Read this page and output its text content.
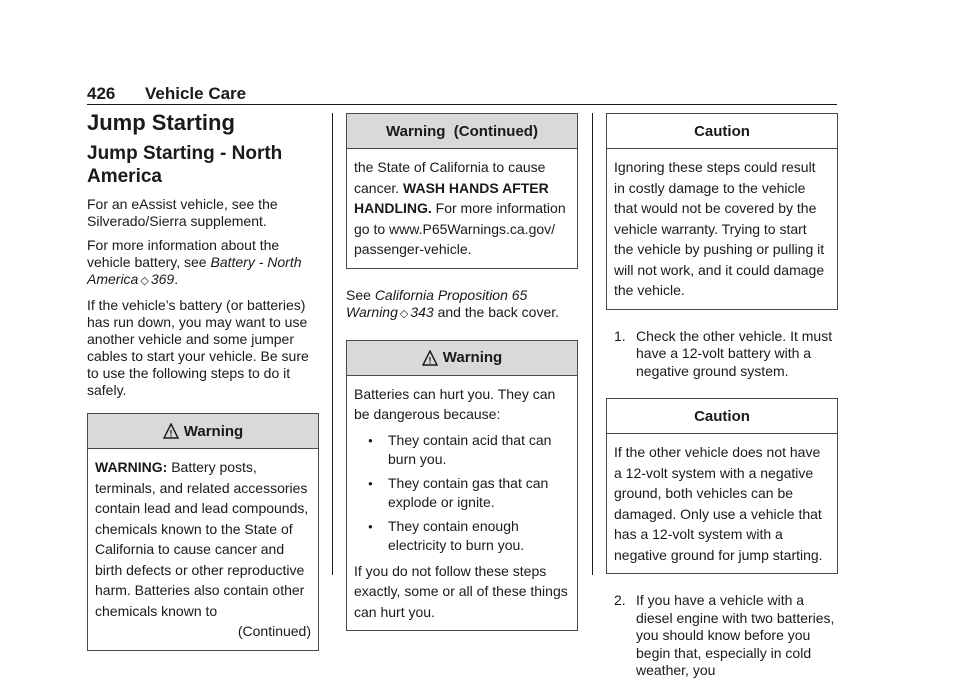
426 Vehicle Care
Jump Starting
Jump Starting - North America

For an eAssist vehicle, see the Silverado/Sierra supplement.

For more information about the vehicle battery, see Battery - North America ◇ 369.

If the vehicle’s battery (or batteries) has run down, you may want to use another vehicle and some jumper cables to start your vehicle. Be sure to use the following steps to do it safely.

! Warning

WARNING: Battery posts, terminals, and related accessories contain lead and lead compounds, chemicals known to the State of California to cause cancer and birth defects or other reproductive harm. Batteries also contain other chemicals known to

(Continued)

Warning  (Continued)

the State of California to cause cancer. WASH HANDS AFTER HANDLING. For more information go to www.P65Warnings.ca.gov/ passenger-vehicle.

See California Proposition 65 Warning ◇ 343 and the back cover.

! Warning

Batteries can hurt you. They can be dangerous because:

● They contain acid that can burn you.
● They contain gas that can explode or ignite.
● They contain enough electricity to burn you.

If you do not follow these steps exactly, some or all of these things can hurt you.

Caution

Ignoring these steps could result in costly damage to the vehicle that would not be covered by the vehicle warranty. Trying to start the vehicle by pushing or pulling it will not work, and it could damage the vehicle.

1. Check the other vehicle. It must have a 12-volt battery with a negative ground system.
Caution

If the other vehicle does not have a 12-volt system with a negative ground, both vehicles can be damaged. Only use a vehicle that has a 12-volt system with a negative ground for jump starting.

2. If you have a vehicle with a diesel engine with two batteries, you should know before you begin that, especially in cold weather, you
